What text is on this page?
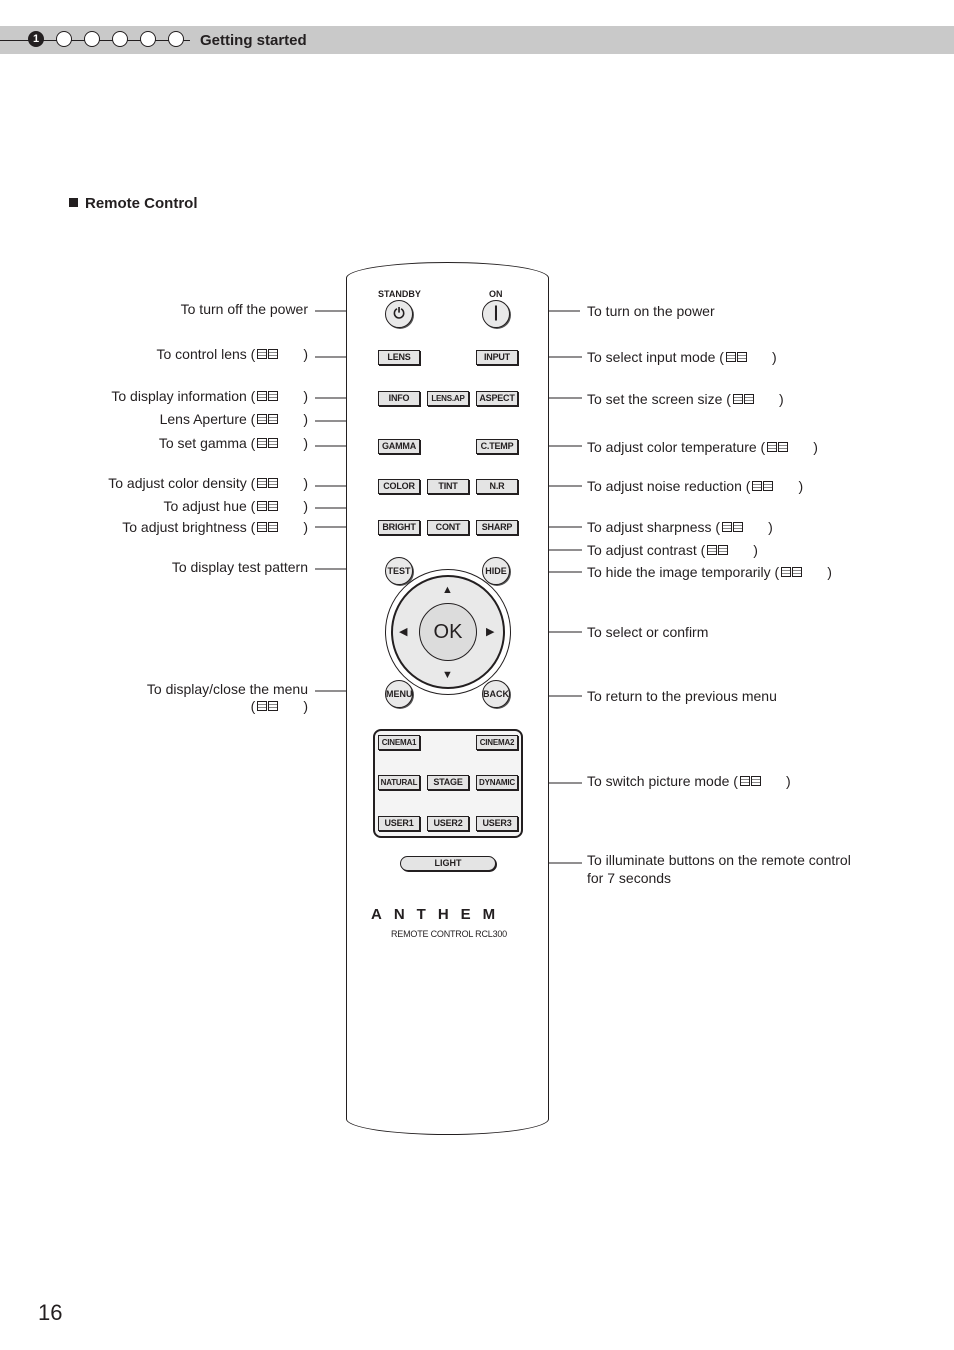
1	Getting started
Remote Control
STANDBY	ON
⏻	|
LENS	INPUT
INFO	LENS.AP	ASPECT
GAMMA	C.TEMP
COLOR	TINT	N.R
BRIGHT	CONT	SHARP
▲
▼
◀	▶
OK
TEST	HIDE
MENU	BACK
CINEMA1	CINEMA2
NATURAL	STAGE	DYNAMIC
USER1	USER2	USER3
LIGHT
ANTHEM
REMOTE CONTROL RCL300
To turn off the power
To control lens (	)
To display information (	)
Lens Aperture (	)
To set gamma (	)
To adjust color density (	)
To adjust hue (	)
To adjust brightness (	)
To display test pattern
To display/close the menu
(	)
To turn on the power
To select input mode (	)
To set the screen size (	)
To adjust color temperature (	)
To adjust noise reduction (	)
To adjust sharpness (	)
To adjust contrast (	)
To hide the image temporarily (	)
To select or confirm
To return to the previous menu
To switch picture mode (	)
To illuminate buttons on the remote control
for 7 seconds
16
